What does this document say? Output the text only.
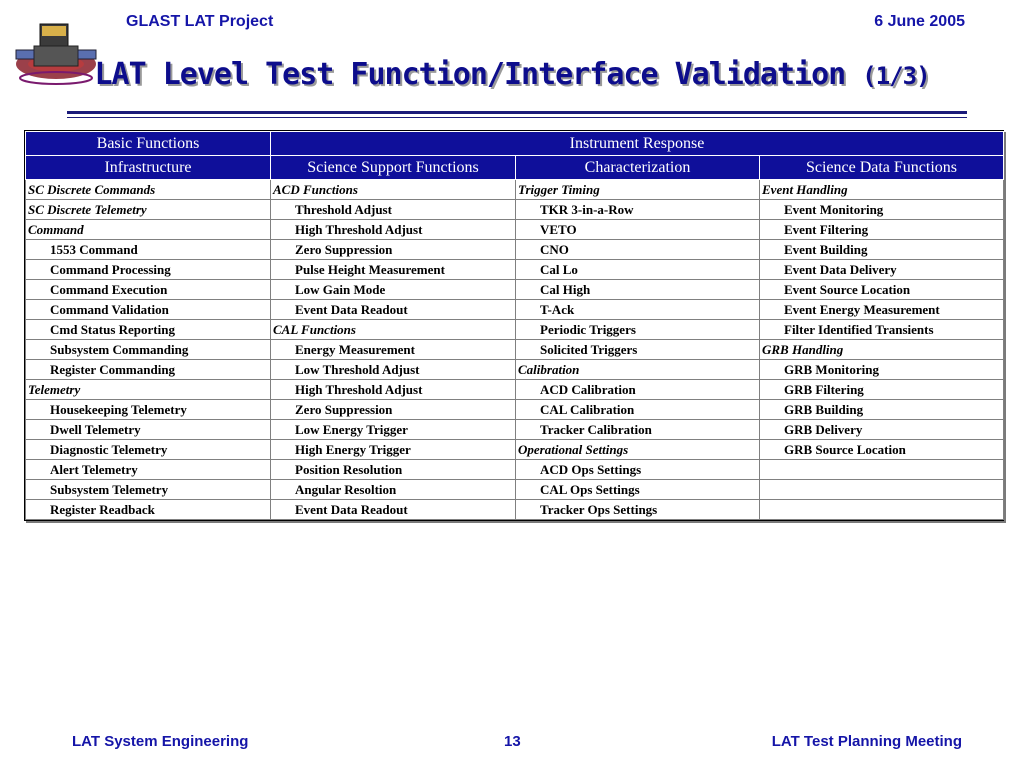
GLAST LAT Project	6 June 2005
LAT Level Test Function/Interface Validation (1/3)
Basic Functions	Instrument Response		
Infrastructure	Science Support Functions	Characterization	Science Data Functions
SC Discrete Commands	ACD Functions	Trigger Timing	Event Handling
SC Discrete Telemetry	Threshold Adjust	TKR 3-in-a-Row	Event Monitoring
Command	High Threshold Adjust	VETO	Event Filtering
1553 Command	Zero Suppression	CNO	Event Building
Command Processing	Pulse Height Measurement	Cal Lo	Event Data Delivery
Command Execution	Low Gain Mode	Cal High	Event Source Location
Command Validation	Event Data Readout	T-Ack	Event Energy Measurement
Cmd Status Reporting	CAL Functions	Periodic Triggers	Filter Identified Transients
Subsystem Commanding	Energy Measurement	Solicited Triggers	GRB Handling
Register Commanding	Low Threshold Adjust	Calibration	GRB Monitoring
Telemetry	High Threshold Adjust	ACD Calibration	GRB Filtering
Housekeeping Telemetry	Zero Suppression	CAL Calibration	GRB Building
Dwell Telemetry	Low Energy Trigger	Tracker Calibration	GRB Delivery
Diagnostic Telemetry	High Energy Trigger	Operational Settings	GRB Source Location
Alert Telemetry	Position Resolution	ACD Ops Settings	
Subsystem Telemetry	Angular Resoltion	CAL Ops Settings	
Register Readback	Event Data Readout	Tracker Ops Settings	
LAT System Engineering	13	LAT Test Planning Meeting
